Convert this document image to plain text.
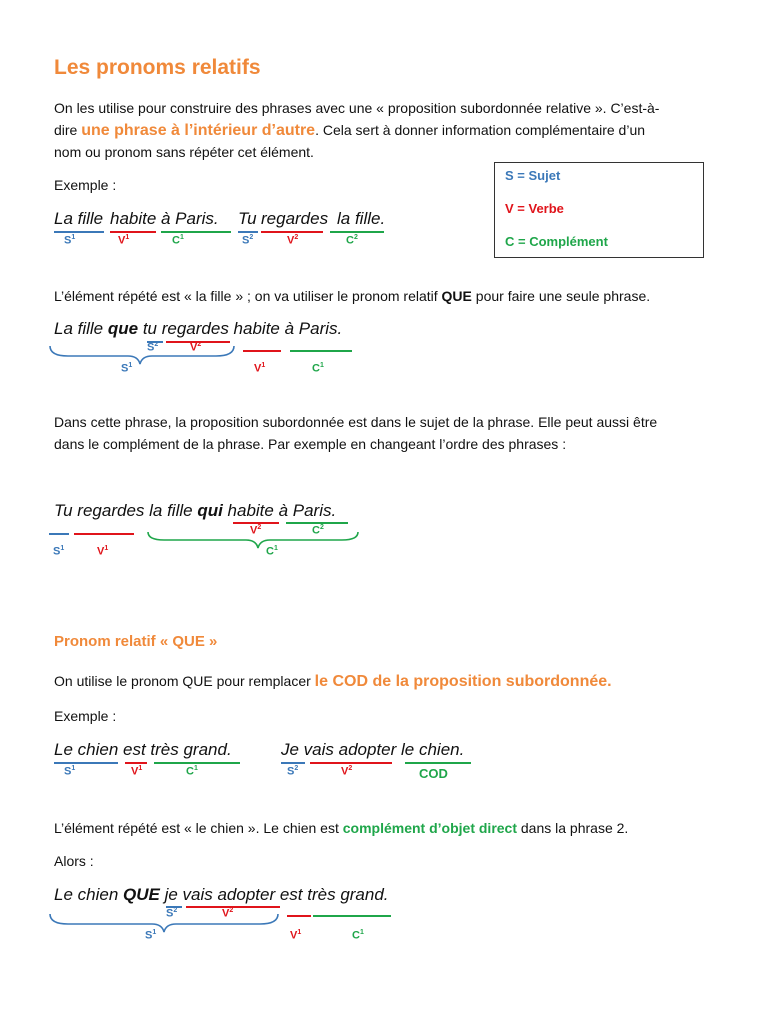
Les pronoms relatifs
On les utilise pour construire des phrases avec une « proposition subordonnée relative ». C’est-à-
dire une phrase à l’intérieur d’autre. Cela sert à donner information complémentaire d’un
nom ou pronom sans répéter cet élément.
S = Sujet
V = Verbe
C = Complément
Exemple :
La fille habite à Paris. Tu regardes la fille.
$S^1$	$V^1$	$C^1$	$S^2$	$V^2$	$C^2$
L’élément répété est « la fille » ; on va utiliser le pronom relatif QUE pour faire une seule phrase.
La fille que tu regardes habite à Paris.
$S^2$	$V^2$
$S^1$	$V^1$	$C^1$
Dans cette phrase, la proposition subordonnée est dans le sujet de la phrase. Elle peut aussi être
dans le complément de la phrase. Par exemple en changeant l’ordre des phrases :
Tu regardes la fille qui habite à Paris.
$V^2$	$C^2$
$S^1$	$V^1$	$C^1$
Pronom relatif « QUE »
On utilise le pronom QUE pour remplacer le COD de la proposition subordonnée.
Exemple :
Le chien est très grand.	Je vais adopter le chien.
$S^1$	$V^1$	$C^1$	$S^2$	$V^2$	COD
L’élément répété est « le chien ». Le chien est complément d’objet direct dans la phrase 2.
Alors :
Le chien QUE je vais adopter est très grand.
$S^2$	$V^2$
$S^1$	$V^1$	$C^1$
